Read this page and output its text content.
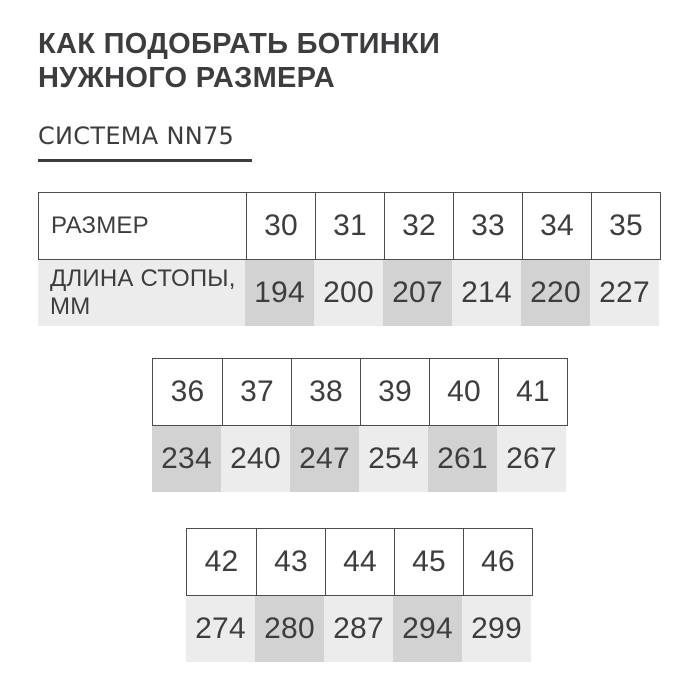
КАК ПОДОБРАТЬ БОТИНКИ
НУЖНОГО РАЗМЕРА
СИСТЕМА NN75
РАЗМЕР	30	31	32	33	34	35
ДЛИНА СТОПЫ, ММ	194 200 207 214 220 227
36	37	38	39	40	41
234 240 247 254 261 267
42	43	44	45	46
274 280 287 294 299
